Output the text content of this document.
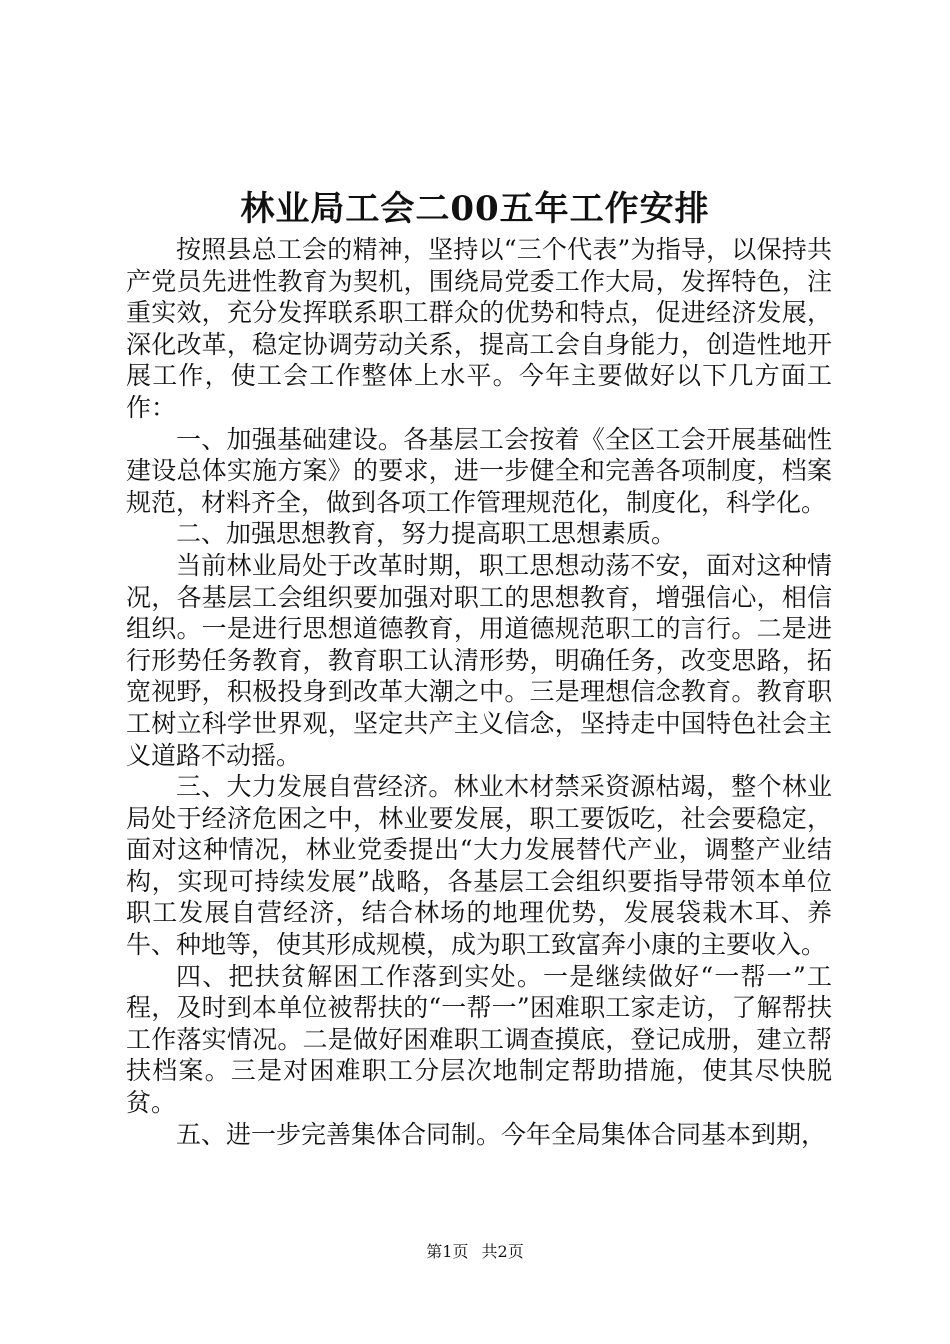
林业局工会二00五年工作安排

按照县总工会的精神，坚持以“三个代表”为指导，以保持共产党员先进性教育为契机，围绕局党委工作大局，发挥特色，注重实效，充分发挥联系职工群众的优势和特点，促进经济发展，深化改革，稳定协调劳动关系，提高工会自身能力，创造性地开展工作，使工会工作整体上水平。今年主要做好以下几方面工作：

一、加强基础建设。各基层工会按着《全区工会开展基础性建设总体实施方案》的要求，进一步健全和完善各项制度，档案规范，材料齐全，做到各项工作管理规范化，制度化，科学化。

二、加强思想教育，努力提高职工思想素质。

当前林业局处于改革时期，职工思想动荡不安，面对这种情况，各基层工会组织要加强对职工的思想教育，增强信心，相信组织。一是进行思想道德教育，用道德规范职工的言行。二是进行形势任务教育，教育职工认清形势，明确任务，改变思路，拓宽视野，积极投身到改革大潮之中。三是理想信念教育。教育职工树立科学世界观，坚定共产主义信念，坚持走中国特色社会主义道路不动摇。

三、大力发展自营经济。林业木材禁采资源枯竭，整个林业局处于经济危困之中，林业要发展，职工要饭吃，社会要稳定，面对这种情况，林业党委提出“大力发展替代产业，调整产业结构，实现可持续发展”战略，各基层工会组织要指导带领本单位职工发展自营经济，结合林场的地理优势，发展袋栽木耳、养牛、种地等，使其形成规模，成为职工致富奔小康的主要收入。

四、把扶贫解困工作落到实处。一是继续做好“一帮一”工程，及时到本单位被帮扶的“一帮一”困难职工家走访，了解帮扶工作落实情况。二是做好困难职工调查摸底，登记成册，建立帮扶档案。三是对困难职工分层次地制定帮助措施，使其尽快脱贫。

五、进一步完善集体合同制。今年全局集体合同基本到期，

第1页 共2页
